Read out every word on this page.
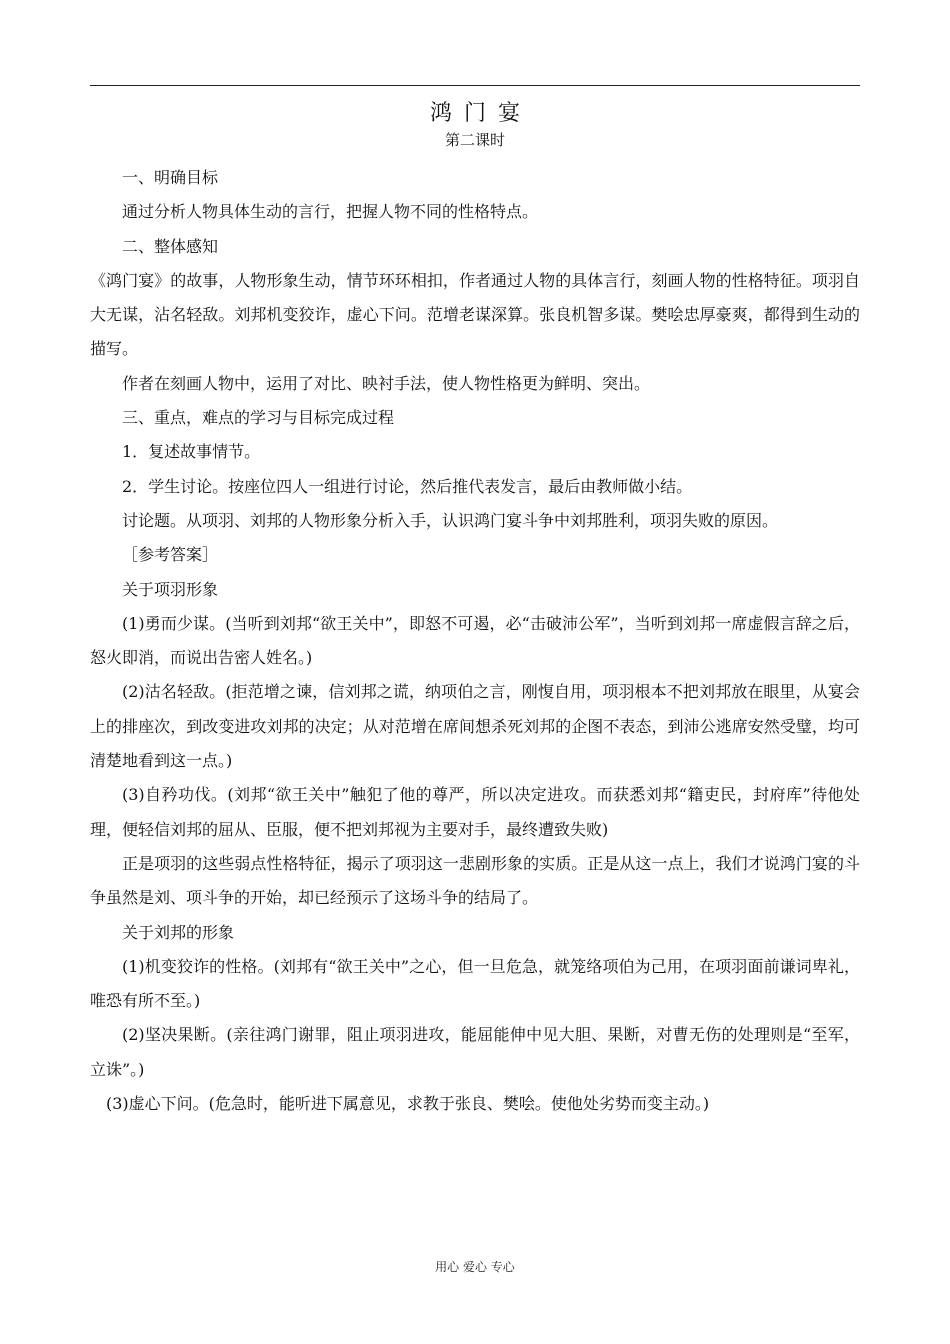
鸿门宴
第二课时

一、明确目标

通过分析人物具体生动的言行，把握人物不同的性格特点。

二、整体感知

《鸿门宴》的故事，人物形象生动，情节环环相扣，作者通过人物的具体言行，刻画人物的性格特征。项羽自大无谋，沾名轻敌。刘邦机变狡诈，虚心下问。范增老谋深算。张良机智多谋。樊哙忠厚豪爽，都得到生动的描写。

作者在刻画人物中，运用了对比、映衬手法，使人物性格更为鲜明、突出。

三、重点，难点的学习与目标完成过程

1．复述故事情节。

2．学生讨论。按座位四人一组进行讨论，然后推代表发言，最后由教师做小结。

讨论题。从项羽、刘邦的人物形象分析入手，认识鸿门宴斗争中刘邦胜利，项羽失败的原因。

［参考答案］

关于项羽形象

(1)勇而少谋。(当听到刘邦“欲王关中”，即怒不可遏，必“击破沛公军”，当听到刘邦一席虚假言辞之后，怒火即消，而说出告密人姓名。)

(2)沽名轻敌。(拒范增之谏，信刘邦之谎，纳项伯之言，刚愎自用，项羽根本不把刘邦放在眼里，从宴会上的排座次，到改变进攻刘邦的决定；从对范增在席间想杀死刘邦的企图不表态，到沛公逃席安然受璧，均可清楚地看到这一点。)

(3)自矜功伐。(刘邦“欲王关中”触犯了他的尊严，所以决定进攻。而获悉刘邦“籍吏民，封府库”待他处理，便轻信刘邦的屈从、臣服，便不把刘邦视为主要对手，最终遭致失败)

正是项羽的这些弱点性格特征，揭示了项羽这一悲剧形象的实质。正是从这一点上，我们才说鸿门宴的斗争虽然是刘、项斗争的开始，却已经预示了这场斗争的结局了。

关于刘邦的形象

(1)机变狡诈的性格。(刘邦有“欲王关中”之心，但一旦危急，就笼络项伯为己用，在项羽面前谦词卑礼，唯恐有所不至。)

(2)坚决果断。(亲往鸿门谢罪，阻止项羽进攻，能屈能伸中见大胆、果断，对曹无伤的处理则是“至军，立诛”。)

(3)虚心下问。(危急时，能听进下属意见，求教于张良、樊哙。使他处劣势而变主动。)

用心 爱心 专心
